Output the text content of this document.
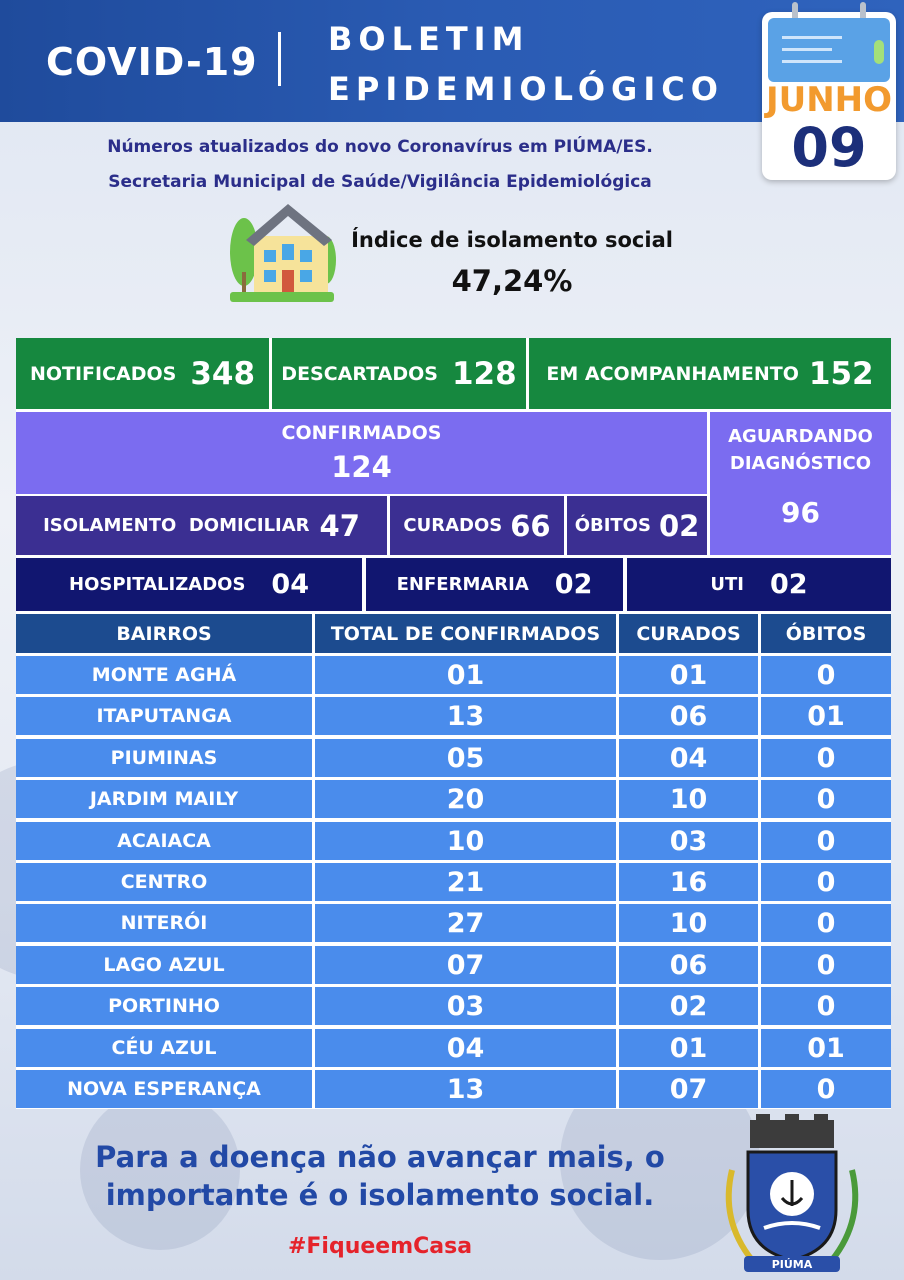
COVID-19
BOLETIM
EPIDEMIOLÓGICO JUNHO
09
Números atualizados do novo Coronavírus em PIÚMA/ES.
Secretaria Municipal de Saúde/Vigilância Epidemiológica
Índice de isolamento social
47,24%
NOTIFICADOS 348 DESCARTADOS 128 EM ACOMPANHAMENTO 152
CONFIRMADOS
124
AGUARDANDO
DIAGNÓSTICO
96
ISOLAMENTO  DOMICILIAR 47 CURADOS 66 ÓBITOS 02
HOSPITALIZADOS 04	ENFERMARIA 02	UTI 02
BAIRROS	TOTAL DE CONFIRMADOS	CURADOS	ÓBITOS
MONTE AGHÁ	01	01	0
ITAPUTANGA	13	06	01
PIUMINAS	05	04	0
JARDIM MAILY	20	10	0
ACAIACA	10	03	0
CENTRO	21	16	0
NITERÓI	27	10	0
LAGO AZUL	07	06	0
PORTINHO	03	02	0
CÉU AZUL	04	01	01
NOVA ESPERANÇA	13	07	0
Para a doença não avançar mais, o
importante é o isolamento social.
#FiqueemCasa
PIÚMA
